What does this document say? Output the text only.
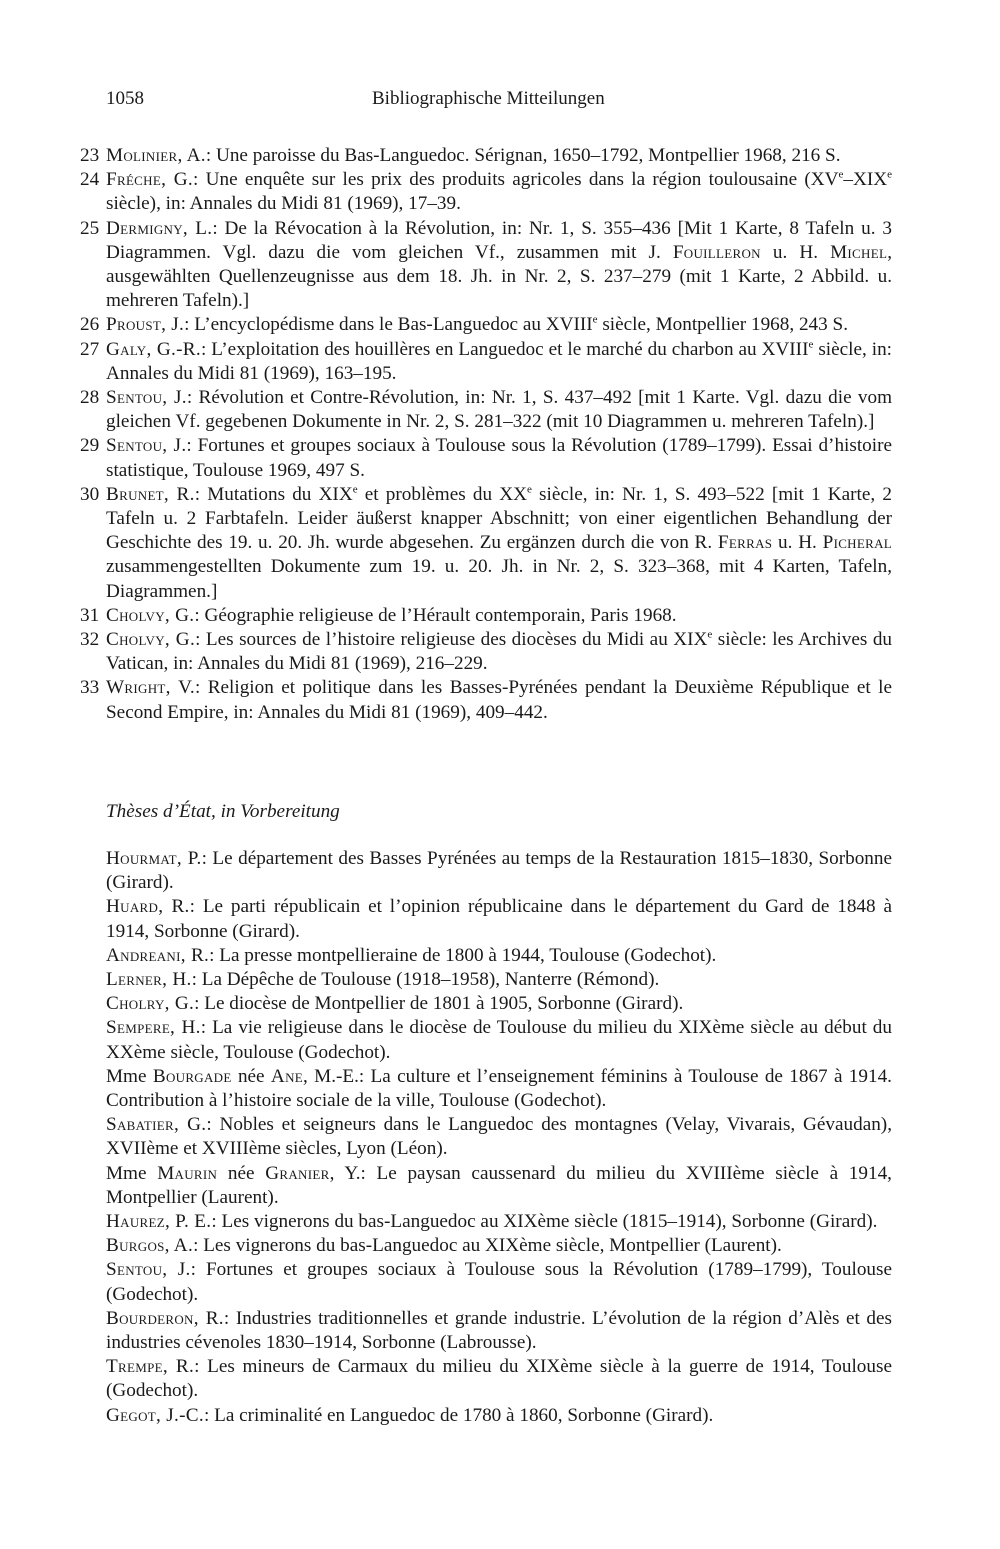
1058	Bibliographische Mitteilungen
23 Molinier, A.: Une paroisse du Bas-Languedoc. Sérignan, 1650–1792, Montpellier 1968, 216 S.
24 Fréche, G.: Une enquête sur les prix des produits agricoles dans la région toulousaine (XVe–XIXe siècle), in: Annales du Midi 81 (1969), 17–39.
25 Dermigny, L.: De la Révocation à la Révolution, in: Nr. 1, S. 355–436 [Mit 1 Karte, 8 Tafeln u. 3 Diagrammen. Vgl. dazu die vom gleichen Vf., zusammen mit J. Fouilleron u. H. Michel, ausgewählten Quellenzeugnisse aus dem 18. Jh. in Nr. 2, S. 237–279 (mit 1 Karte, 2 Abbild. u. mehreren Tafeln).]
26 Proust, J.: L’encyclopédisme dans le Bas-Languedoc au XVIIIe siècle, Montpellier 1968, 243 S.
27 Galy, G.-R.: L’exploitation des houillères en Languedoc et le marché du charbon au XVIIIe siècle, in: Annales du Midi 81 (1969), 163–195.
28 Sentou, J.: Révolution et Contre-Révolution, in: Nr. 1, S. 437–492 [mit 1 Karte. Vgl. dazu die vom gleichen Vf. gegebenen Dokumente in Nr. 2, S. 281–322 (mit 10 Diagrammen u. mehreren Tafeln).]
29 Sentou, J.: Fortunes et groupes sociaux à Toulouse sous la Révolution (1789–1799). Essai d’histoire statistique, Toulouse 1969, 497 S.
30 Brunet, R.: Mutations du XIXe et problèmes du XXe siècle, in: Nr. 1, S. 493–522 [mit 1 Karte, 2 Tafeln u. 2 Farbtafeln. Leider äußerst knapper Abschnitt; von einer eigentlichen Behandlung der Geschichte des 19. u. 20. Jh. wurde abgesehen. Zu ergänzen durch die von R. Ferras u. H. Picheral zusammengestellten Dokumente zum 19. u. 20. Jh. in Nr. 2, S. 323–368, mit 4 Karten, Tafeln, Diagrammen.]
31 Cholvy, G.: Géographie religieuse de l’Hérault contemporain, Paris 1968.
32 Cholvy, G.: Les sources de l’histoire religieuse des diocèses du Midi au XIXe siècle: les Archives du Vatican, in: Annales du Midi 81 (1969), 216–229.
33 Wright, V.: Religion et politique dans les Basses-Pyrénées pendant la Deuxième République et le Second Empire, in: Annales du Midi 81 (1969), 409–442.
Thèses d’État, in Vorbereitung
Hourmat, P.: Le département des Basses Pyrénées au temps de la Restauration 1815–1830, Sorbonne (Girard).
Huard, R.: Le parti républicain et l’opinion républicaine dans le département du Gard de 1848 à 1914, Sorbonne (Girard).
Andreani, R.: La presse montpellieraine de 1800 à 1944, Toulouse (Godechot).
Lerner, H.: La Dépêche de Toulouse (1918–1958), Nanterre (Rémond).
Cholry, G.: Le diocèse de Montpellier de 1801 à 1905, Sorbonne (Girard).
Sempere, H.: La vie religieuse dans le diocèse de Toulouse du milieu du XIXème siècle au début du XXème siècle, Toulouse (Godechot).
Mme Bourgade née Ane, M.-E.: La culture et l’enseignement féminins à Toulouse de 1867 à 1914. Contribution à l’histoire sociale de la ville, Toulouse (Godechot).
Sabatier, G.: Nobles et seigneurs dans le Languedoc des montagnes (Velay, Vivarais, Gévaudan), XVIIème et XVIIIème siècles, Lyon (Léon).
Mme Maurin née Granier, Y.: Le paysan caussenard du milieu du XVIIIème siècle à 1914, Montpellier (Laurent).
Haurez, P. E.: Les vignerons du bas-Languedoc au XIXème siècle (1815–1914), Sorbonne (Girard).
Burgos, A.: Les vignerons du bas-Languedoc au XIXème siècle, Montpellier (Laurent).
Sentou, J.: Fortunes et groupes sociaux à Toulouse sous la Révolution (1789–1799), Toulouse (Godechot).
Bourderon, R.: Industries traditionnelles et grande industrie. L’évolution de la région d’Alès et des industries cévenoles 1830–1914, Sorbonne (Labrousse).
Trempe, R.: Les mineurs de Carmaux du milieu du XIXème siècle à la guerre de 1914, Toulouse (Godechot).
Gegot, J.-C.: La criminalité en Languedoc de 1780 à 1860, Sorbonne (Girard).
